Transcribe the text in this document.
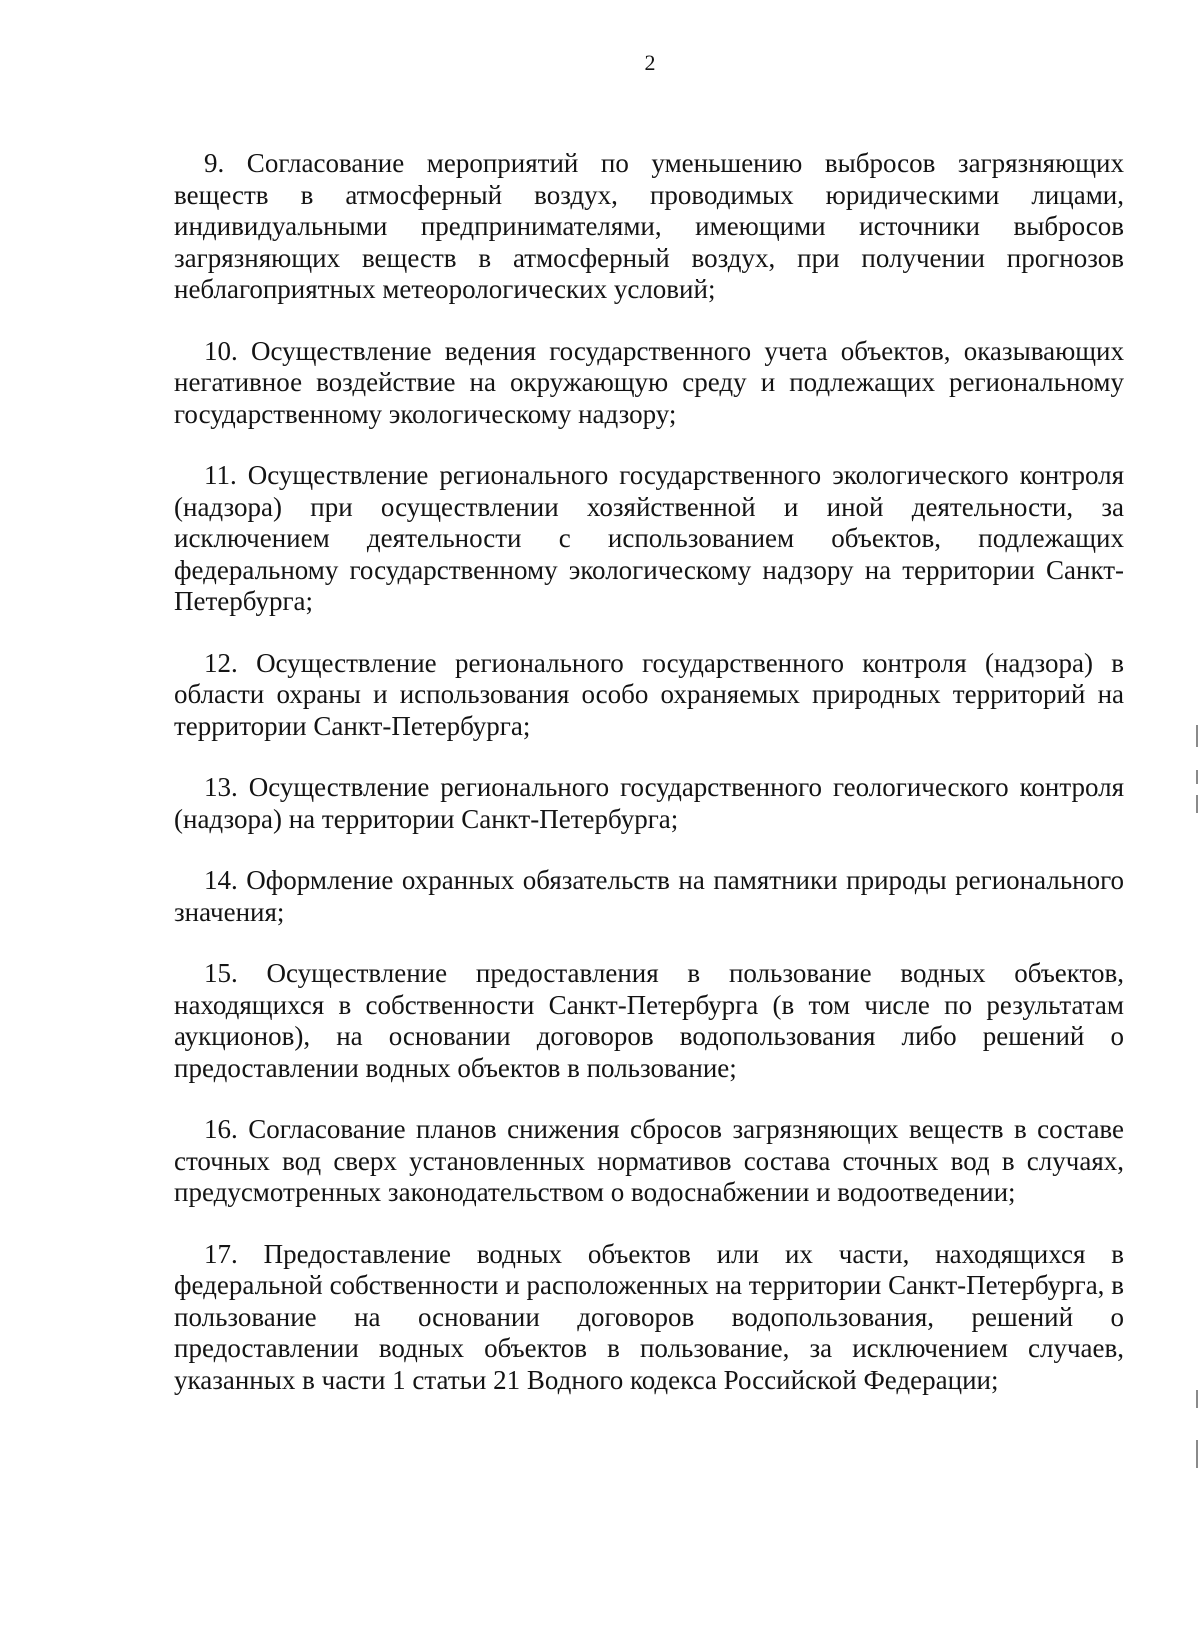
2

9. Согласование мероприятий по уменьшению выбросов загрязняющих веществ в атмосферный воздух, проводимых юридическими лицами, индивидуальными предпринимателями, имеющими источники выбросов загрязняющих веществ в атмосферный воздух, при получении прогнозов неблагоприятных метеорологических условий;

10. Осуществление ведения государственного учета объектов, оказывающих негативное воздействие на окружающую среду и подлежащих региональному государственному экологическому надзору;

11. Осуществление регионального государственного экологического контроля (надзора) при осуществлении хозяйственной и иной деятельности, за исключением деятельности с использованием объектов, подлежащих федеральному государственному экологическому надзору на территории Санкт-Петербурга;

12. Осуществление регионального государственного контроля (надзора) в области охраны и использования особо охраняемых природных территорий на территории Санкт-Петербурга;

13. Осуществление регионального государственного геологического контроля (надзора) на территории Санкт-Петербурга;

14. Оформление охранных обязательств на памятники природы регионального значения;

15. Осуществление предоставления в пользование водных объектов, находящихся в собственности Санкт-Петербурга (в том числе по результатам аукционов), на основании договоров водопользования либо решений о предоставлении водных объектов в пользование;

16. Согласование планов снижения сбросов загрязняющих веществ в составе сточных вод сверх установленных нормативов состава сточных вод в случаях, предусмотренных законодательством о водоснабжении и водоотведении;

17. Предоставление водных объектов или их части, находящихся в федеральной собственности и расположенных на территории Санкт-Петербурга, в пользование на основании договоров водопользования, решений о предоставлении водных объектов в пользование, за исключением случаев, указанных в части 1 статьи 21 Водного кодекса Российской Федерации;
